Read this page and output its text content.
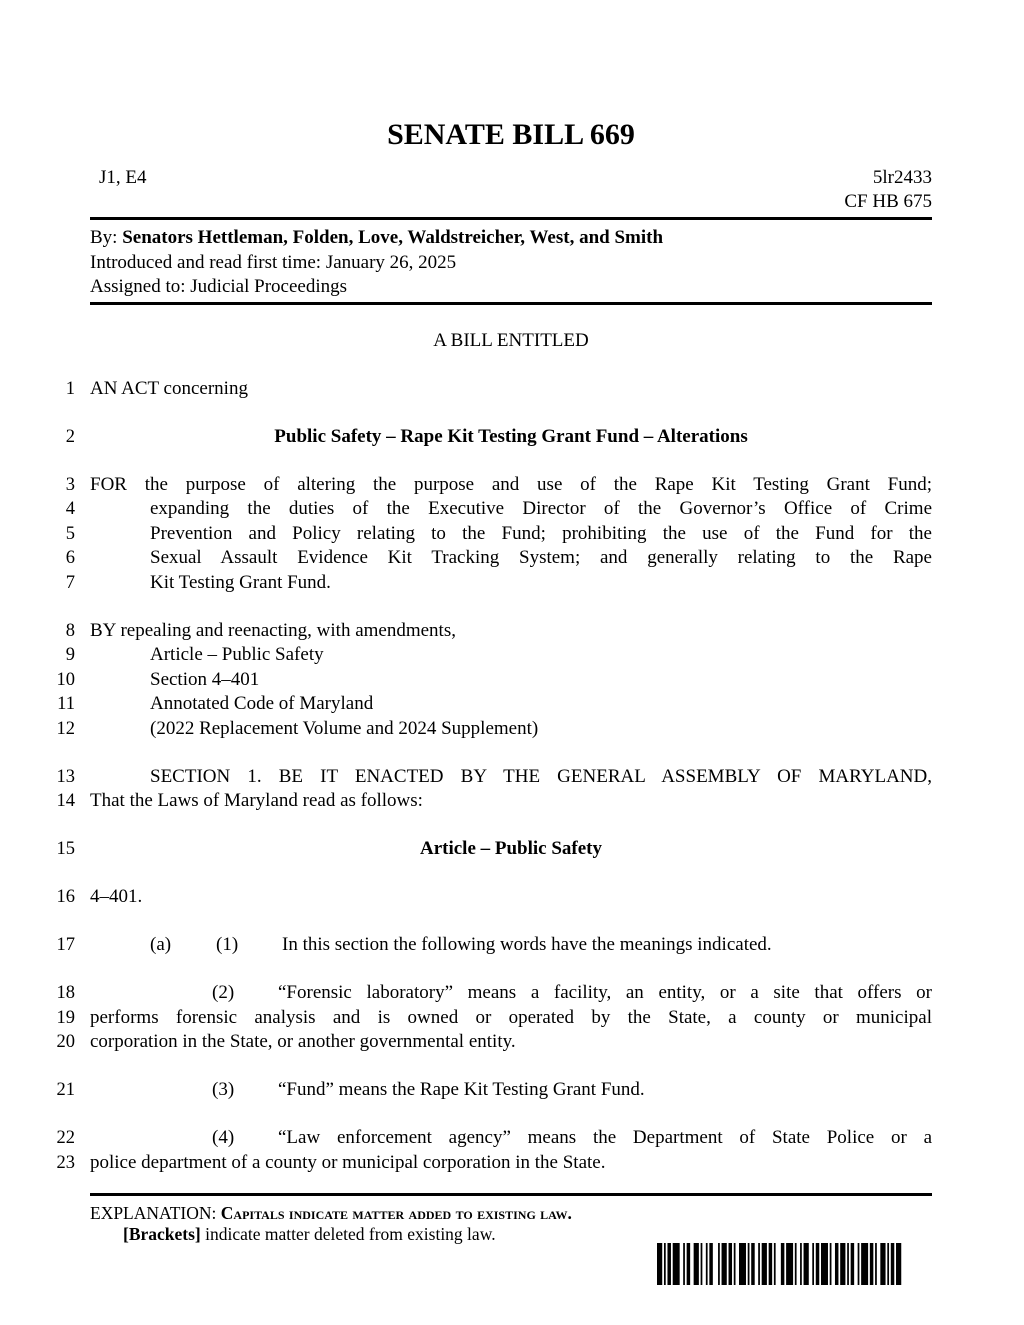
SENATE BILL 669
J1, E4	5lr2433
CF HB 675
By: Senators Hettleman, Folden, Love, Waldstreicher, West, and Smith
Introduced and read first time: January 26, 2025
Assigned to: Judicial Proceedings
A BILL ENTITLED
1 AN ACT concerning
2	Public Safety – Rape Kit Testing Grant Fund – Alterations
3 FOR the purpose of altering the purpose and use of the Rape Kit Testing Grant Fund;
4	expanding the duties of the Executive Director of the Governor’s Office of Crime
5	Prevention and Policy relating to the Fund; prohibiting the use of the Fund for the
6	Sexual Assault Evidence Kit Tracking System; and generally relating to the Rape
7	Kit Testing Grant Fund.
8 BY repealing and reenacting, with amendments,
9	Article – Public Safety
10	Section 4–401
11	Annotated Code of Maryland
12	(2022 Replacement Volume and 2024 Supplement)
13	SECTION 1. BE IT ENACTED BY THE GENERAL ASSEMBLY OF MARYLAND,
14 That the Laws of Maryland read as follows:
15	Article – Public Safety
16 4–401.
17	(a) (1) In this section the following words have the meanings indicated.
18	(2) “Forensic laboratory” means a facility, an entity, or a site that offers or
19 performs forensic analysis and is owned or operated by the State, a county or municipal
20 corporation in the State, or another governmental entity.
21	(3) “Fund” means the Rape Kit Testing Grant Fund.
22	(4) “Law enforcement agency” means the Department of State Police or a
23 police department of a county or municipal corporation in the State.
EXPLANATION: Capitals indicate matter added to existing law.
[Brackets] indicate matter deleted from existing law.
